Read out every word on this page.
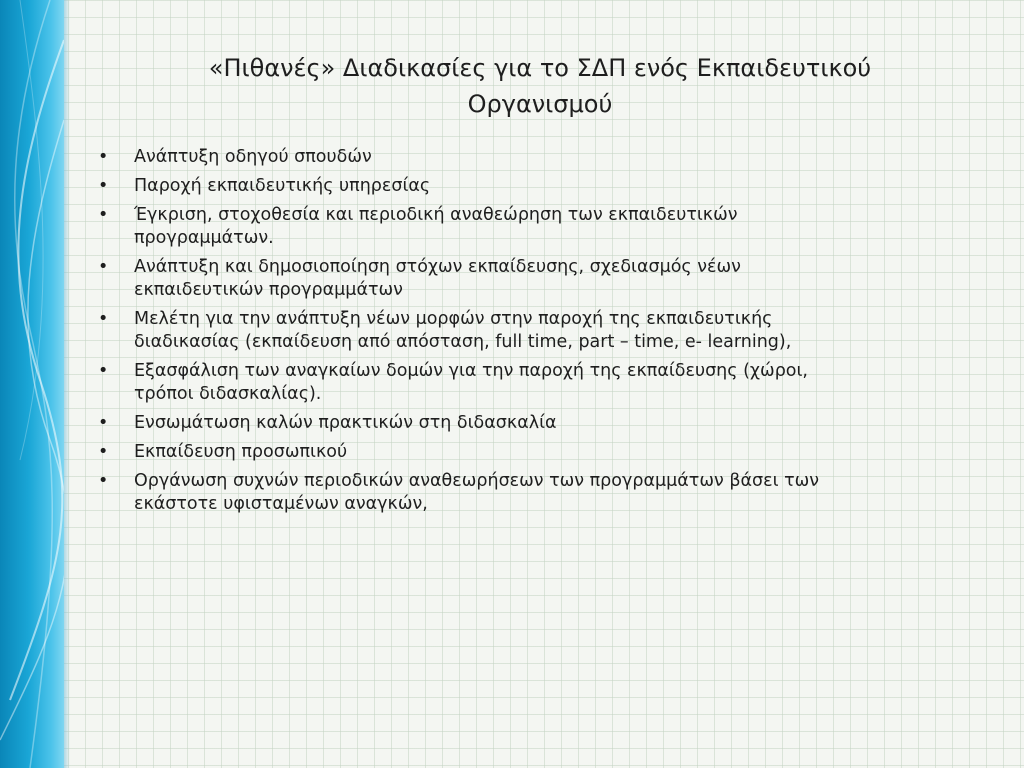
«Πιθανές» Διαδικασίες για το ΣΔΠ ενός Εκπαιδευτικού
Οργανισμού
• Ανάπτυξη οδηγού σπουδών
• Παροχή εκπαιδευτικής υπηρεσίας
• Έγκριση, στοχοθεσία και περιοδική αναθεώρηση των εκπαιδευτικών
προγραμμάτων.
• Ανάπτυξη και δημοσιοποίηση στόχων εκπαίδευσης, σχεδιασμός νέων
εκπαιδευτικών προγραμμάτων
• Μελέτη για την ανάπτυξη νέων μορφών στην παροχή της εκπαιδευτικής
διαδικασίας (εκπαίδευση από απόσταση, full time, part – time, e- learning),
• Εξασφάλιση των αναγκαίων δομών για την παροχή της εκπαίδευσης (χώροι,
τρόποι διδασκαλίας).
• Ενσωμάτωση καλών πρακτικών στη διδασκαλία
• Εκπαίδευση προσωπικού
• Οργάνωση συχνών περιοδικών αναθεωρήσεων των προγραμμάτων βάσει των
εκάστοτε υφισταμένων αναγκών,
